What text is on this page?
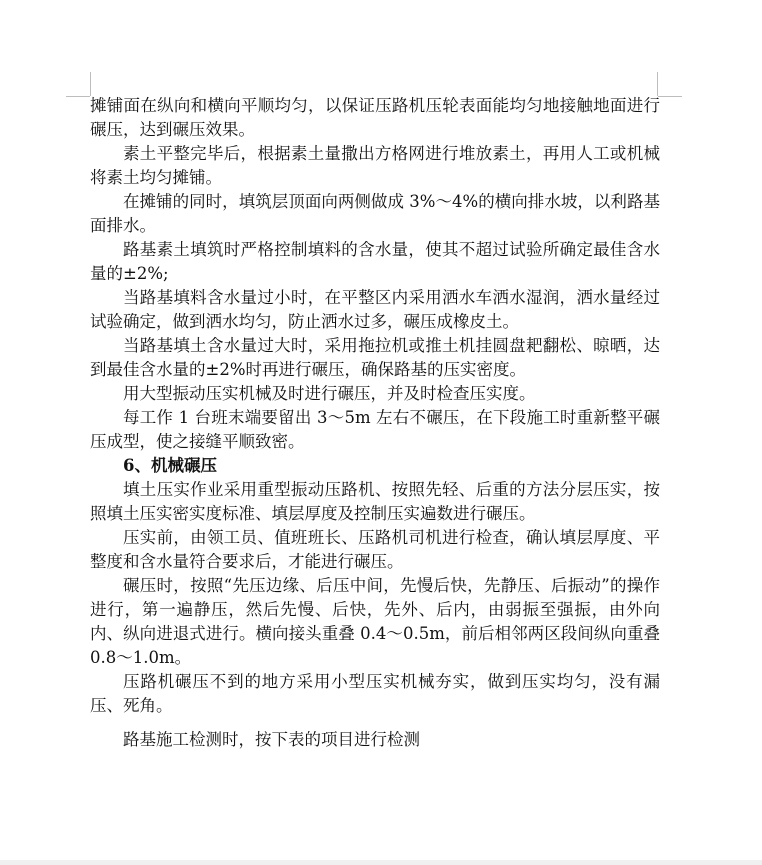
摊铺面在纵向和横向平顺均匀，以保证压路机压轮表面能均匀地接触地面进行碾压，达到碾压效果。

素土平整完毕后，根据素土量撒出方格网进行堆放素土，再用人工或机械将素土均匀摊铺。

在摊铺的同时，填筑层顶面向两侧做成 3%～4%的横向排水坡，以利路基面排水。

路基素土填筑时严格控制填料的含水量，使其不超过试验所确定最佳含水量的±2%;

当路基填料含水量过小时，在平整区内采用洒水车洒水湿润，洒水量经过试验确定，做到洒水均匀，防止洒水过多，碾压成橡皮土。

当路基填土含水量过大时，采用拖拉机或推土机挂圆盘耙翻松、晾晒，达到最佳含水量的±2%时再进行碾压，确保路基的压实密度。

用大型振动压实机械及时进行碾压，并及时检查压实度。

每工作 1 台班末端要留出 3～5m 左右不碾压，在下段施工时重新整平碾压成型，使之接缝平顺致密。

6、机械碾压

填土压实作业采用重型振动压路机、按照先轻、后重的方法分层压实，按照填土压实密实度标准、填层厚度及控制压实遍数进行碾压。

压实前，由领工员、值班班长、压路机司机进行检查，确认填层厚度、平整度和含水量符合要求后，才能进行碾压。

碾压时，按照“先压边缘、后压中间，先慢后快，先静压、后振动”的操作进行，第一遍静压，然后先慢、后快，先外、后内，由弱振至强振，由外向内、纵向进退式进行。横向接头重叠 0.4～0.5m，前后相邻两区段间纵向重叠 0.8～1.0m。

压路机碾压不到的地方采用小型压实机械夯实，做到压实均匀，没有漏压、死角。

路基施工检测时，按下表的项目进行检测
